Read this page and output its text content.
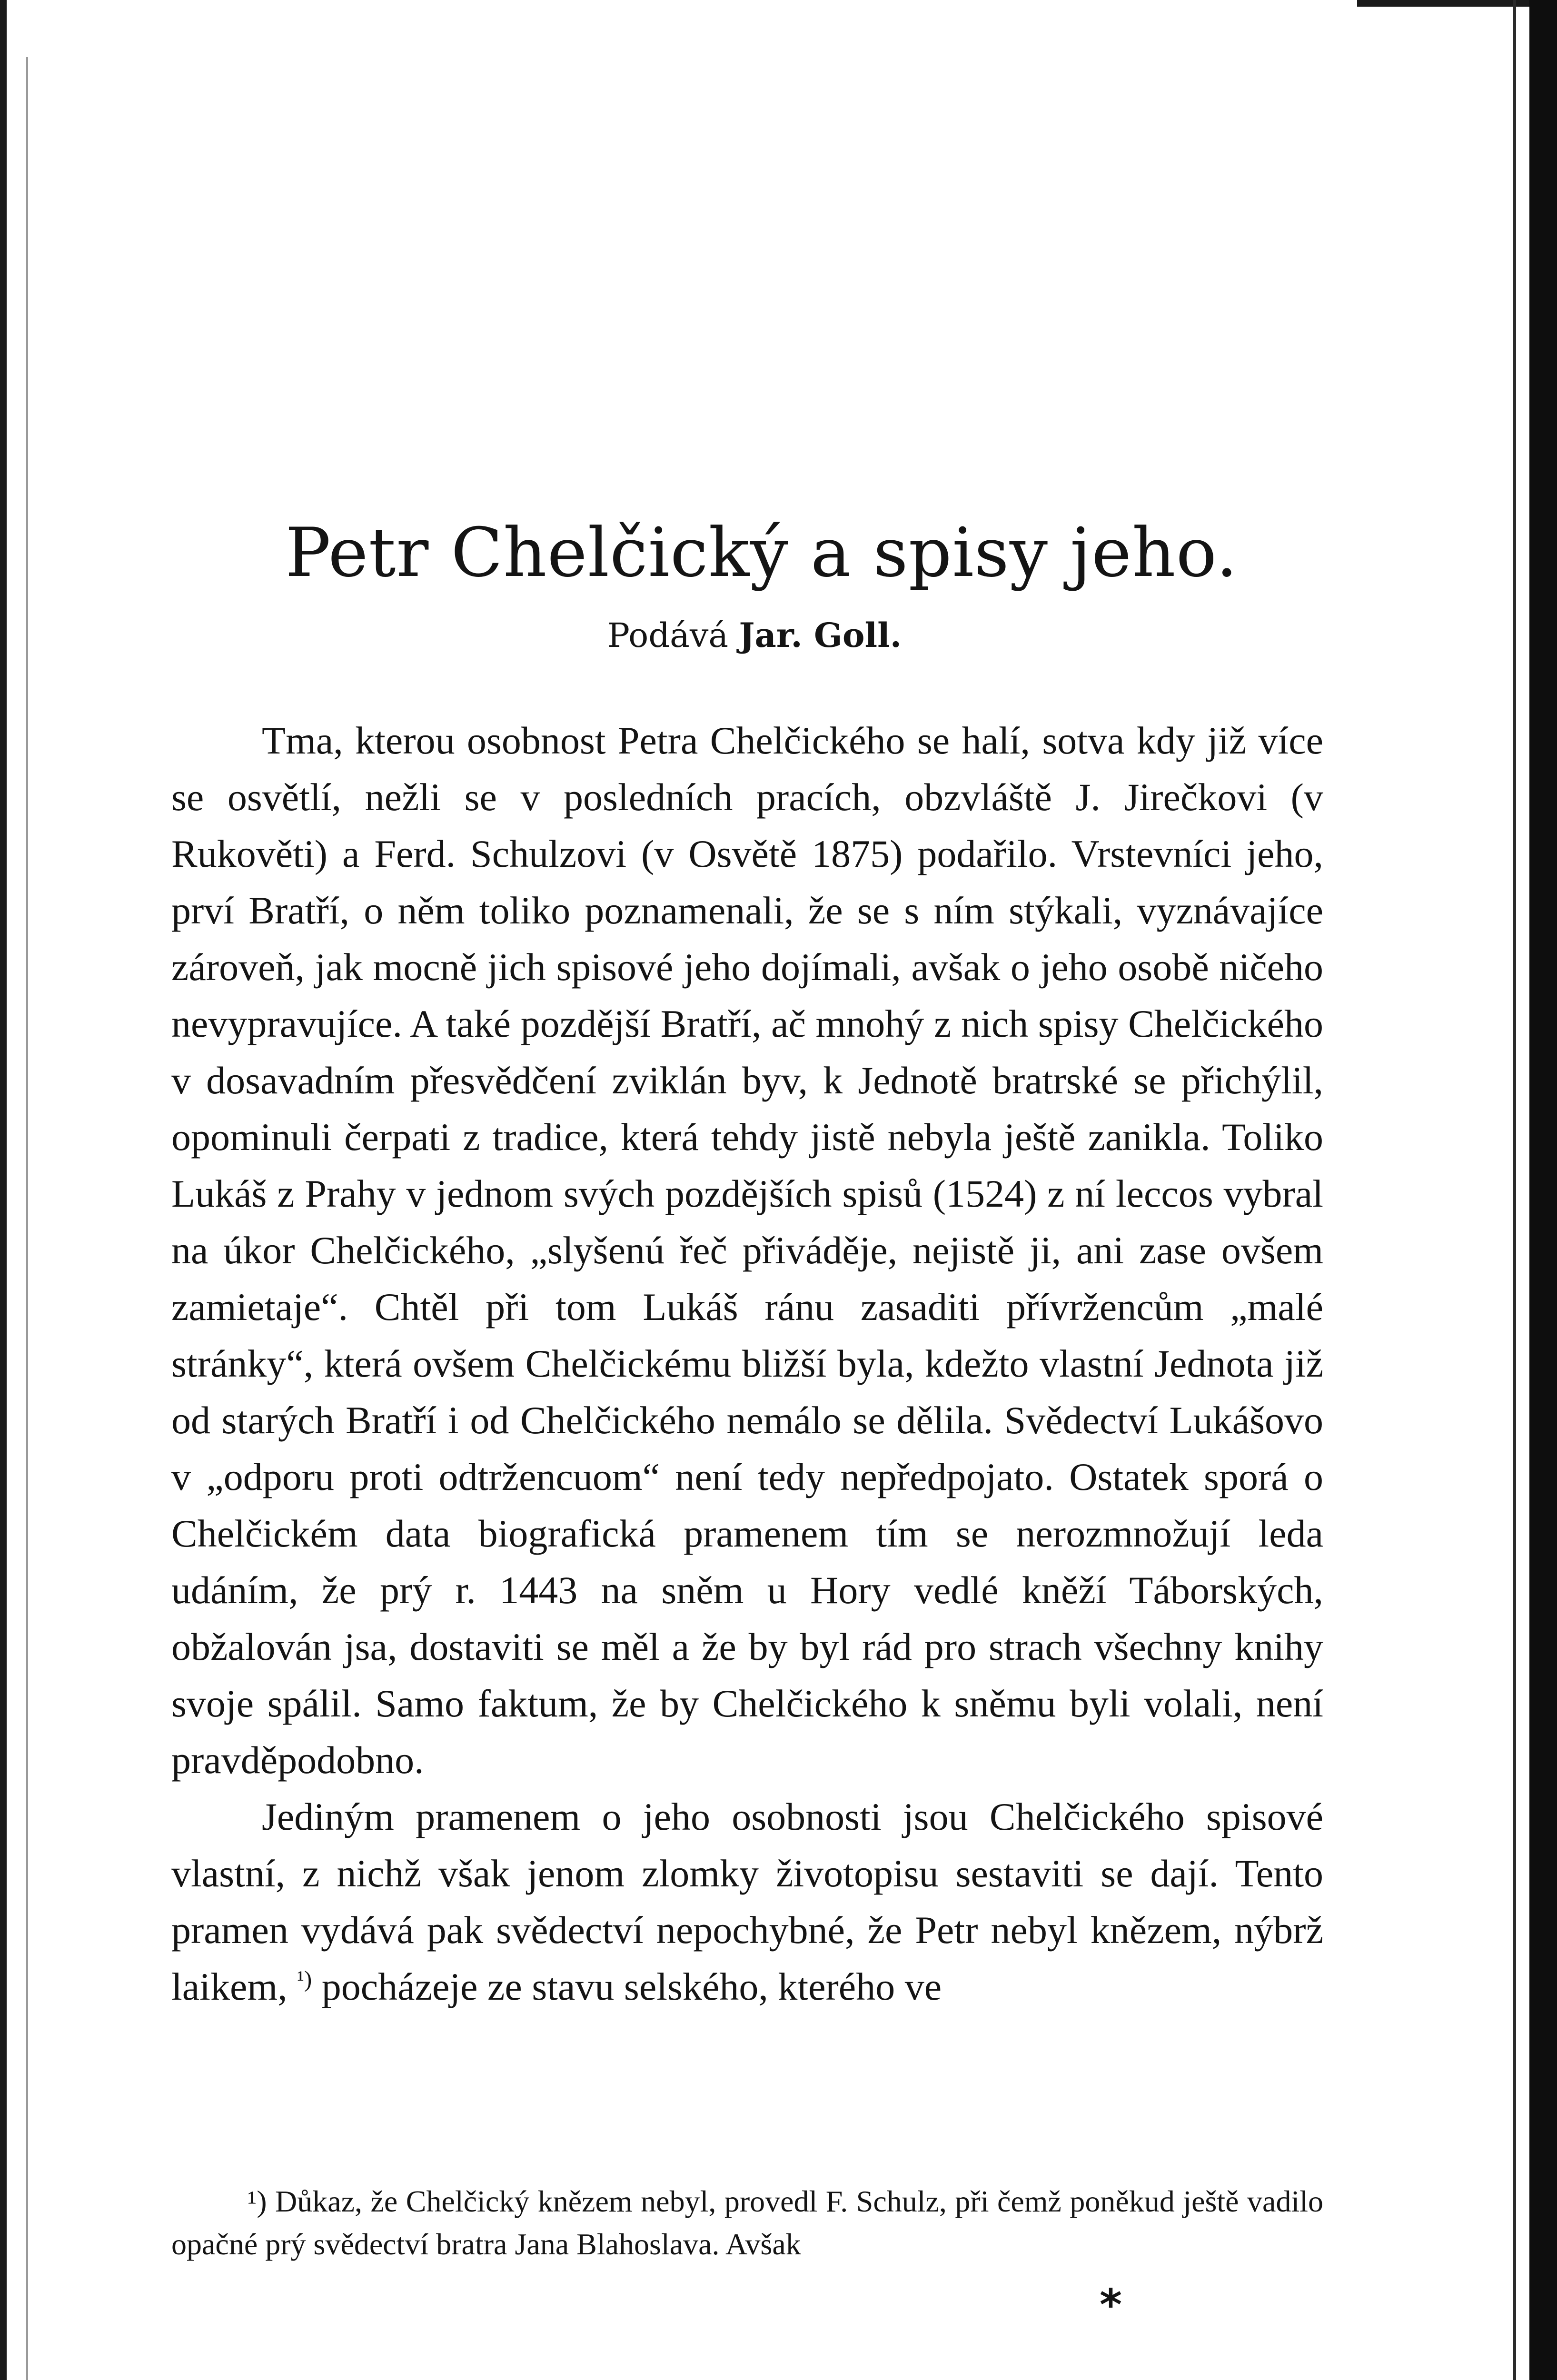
Petr Chelčický a spisy jeho.
Podává Jar. Goll.

Tma, kterou osobnost Petra Chelčického se halí, sotva kdy již více se osvětlí, nežli se v posledních pracích, obzvláště J. Jirečkovi (v Rukověti) a Ferd. Schulzovi (v Osvětě 1875) podařilo. Vrstevníci jeho, prví Bratří, o něm toliko poznamenali, že se s ním stýkali, vyznávajíce zároveň, jak mocně jich spisové jeho dojímali, avšak o jeho osobě ničeho nevypravujíce. A také pozdější Bratří, ač mnohý z nich spisy Chelčického v dosavadním přesvědčení zviklán byv, k Jednotě bratrské se přichýlil, opominuli čerpati z tradice, která tehdy jistě nebyla ještě zanikla. Toliko Lukáš z Prahy v jednom svých pozdějších spisů (1524) z ní leccos vybral na úkor Chelčického, „slyšenú řeč přiváděje, nejistě ji, ani zase ovšem zamietaje“. Chtěl při tom Lukáš ránu zasaditi přívržencům „malé stránky“, která ovšem Chelčickému bližší byla, kdežto vlastní Jednota již od starých Bratří i od Chelčického nemálo se dělila. Svědectví Lukášovo v „odporu proti odtržencuom“ není tedy nepředpojato. Ostatek sporá o Chelčickém data biografická pramenem tím se nerozmnožují leda udáním, že prý r. 1443 na sněm u Hory vedlé kněží Táborských, obžalován jsa, dostaviti se měl a že by byl rád pro strach všechny knihy svoje spálil. Samo faktum, že by Chelčického k sněmu byli volali, není pravděpodobno.

Jediným pramenem o jeho osobnosti jsou Chelčického spisové vlastní, z nichž však jenom zlomky životopisu sestaviti se dají. Tento pramen vydává pak svědectví nepochybné, že Petr nebyl knězem, nýbrž laikem, $^{^1)}$ pocházeje ze stavu selského, kterého ve

¹) Důkaz, že Chelčický knězem nebyl, provedl F. Schulz, při čemž poněkud ještě vadilo opačné prý svědectví bratra Jana Blahoslava. Avšak

*
